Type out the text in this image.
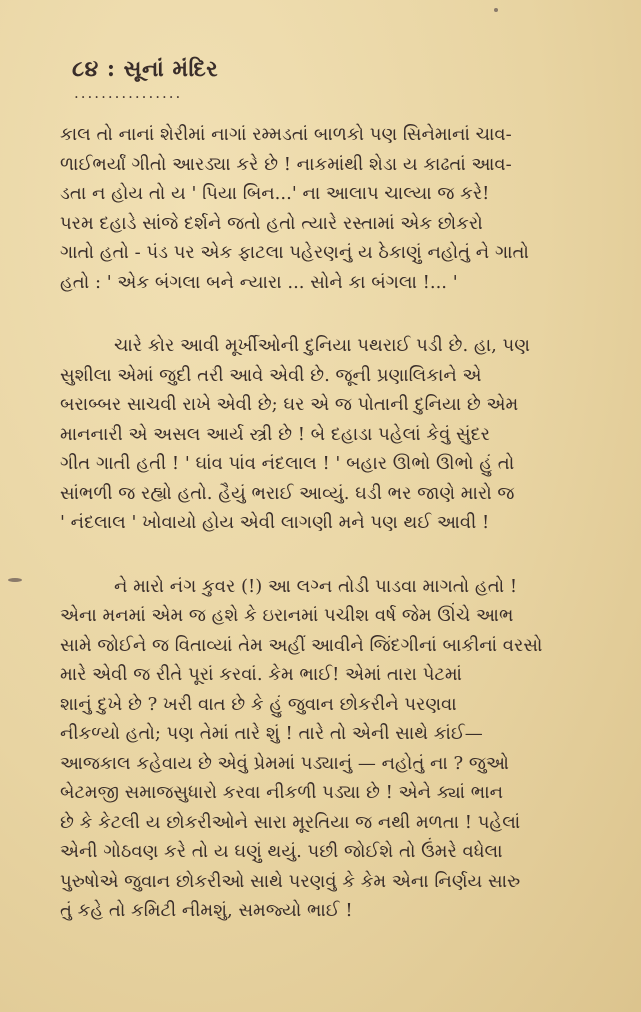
૮૪ : સૂનાં મંદિર
................
કાલ તો નાનાં શેરીમાં નાગાં રમ્મડતાં બાળકો પણ સિનેમાનાં ચાવ-
ળાઈભર્યાં ગીતો આરડ્યા કરે છે ! નાકમાંથી શેડા ય કાઢતાં આવ-
ડતા ન હોય તો ય ' પિયા બિન...' ના આલાપ ચાલ્યા જ કરે!
પરમ દહાડે સાંજે દર્શને જતો હતો ત્યારે રસ્તામાં એક છોકરો
ગાતો હતો - પંડ પર એક ફાટલા પહેરણનું ય ઠેકાણું નહોતું ને ગાતો
હતો : ' એક બંગલા બને ન્યારા ... સોને કા બંગલા !... '
ચારે કોર આવી મૂર્ખીઓની દુનિયા પથરાઈ પડી છે. હા, પણ
સુશીલા એમાં જુદી તરી આવે એવી છે. જૂની પ્રણાલિકાને એ
બરાબ્બર સાચવી રાખે એવી છે; ઘર એ જ પોતાની દુનિયા છે એમ
માનનારી એ અસલ આર્ય સ્ત્રી છે ! બે દહાડા પહેલાં કેવું સુંદર
ગીત ગાતી હતી ! ' ઘાંવ પાંવ નંદલાલ ! ' બહાર ઊભો ઊભો હું તો
સાંભળી જ રહ્યો હતો. હૈયું ભરાઈ આવ્યું. ઘડી ભર જાણે મારો જ
' નંદલાલ ' ખોવાયો હોય એવી લાગણી મને પણ થઈ આવી !
ને મારો નંગ કુવર (!) આ લગ્ન તોડી પાડવા માગતો હતો !
એના મનમાં એમ જ હશે કે ઇરાનમાં પચીશ વર્ષ જેમ ઊંચે આભ
સામે જોઈને જ વિતાવ્યાં તેમ અહીં આવીને જિંદગીનાં બાકીનાં વરસો
મારે એવી જ રીતે પૂરાં કરવાં. કેમ ભાઈ! એમાં તારા પેટમાં
શાનું દુખે છે ? ખરી વાત છે કે હું જુવાન છોકરીને પરણવા
નીકળ્યો હતો; પણ તેમાં તારે શું ! તારે તો એની સાથે કાંઈ—
આજકાલ કહેવાય છે એવું પ્રેમમાં પડ્યાનું — નહોતું ના ? જુઓ
બેટમજી સમાજસુધારો કરવા નીકળી પડ્યા છે ! એને ક્યાં ભાન
છે કે કેટલી ય છોકરીઓને સારા મૂરતિયા જ નથી મળતા ! પહેલાં
એની ગોઠવણ કરે તો ય ઘણું થયું. પછી જોઈશે તો ઉંમરે વધેલા
પુરુષોએ જુવાન છોકરીઓ સાથે પરણવું કે કેમ એના નિર્ણય સારુ
તું કહે તો કમિટી નીમશું, સમજ્યો ભાઈ !
